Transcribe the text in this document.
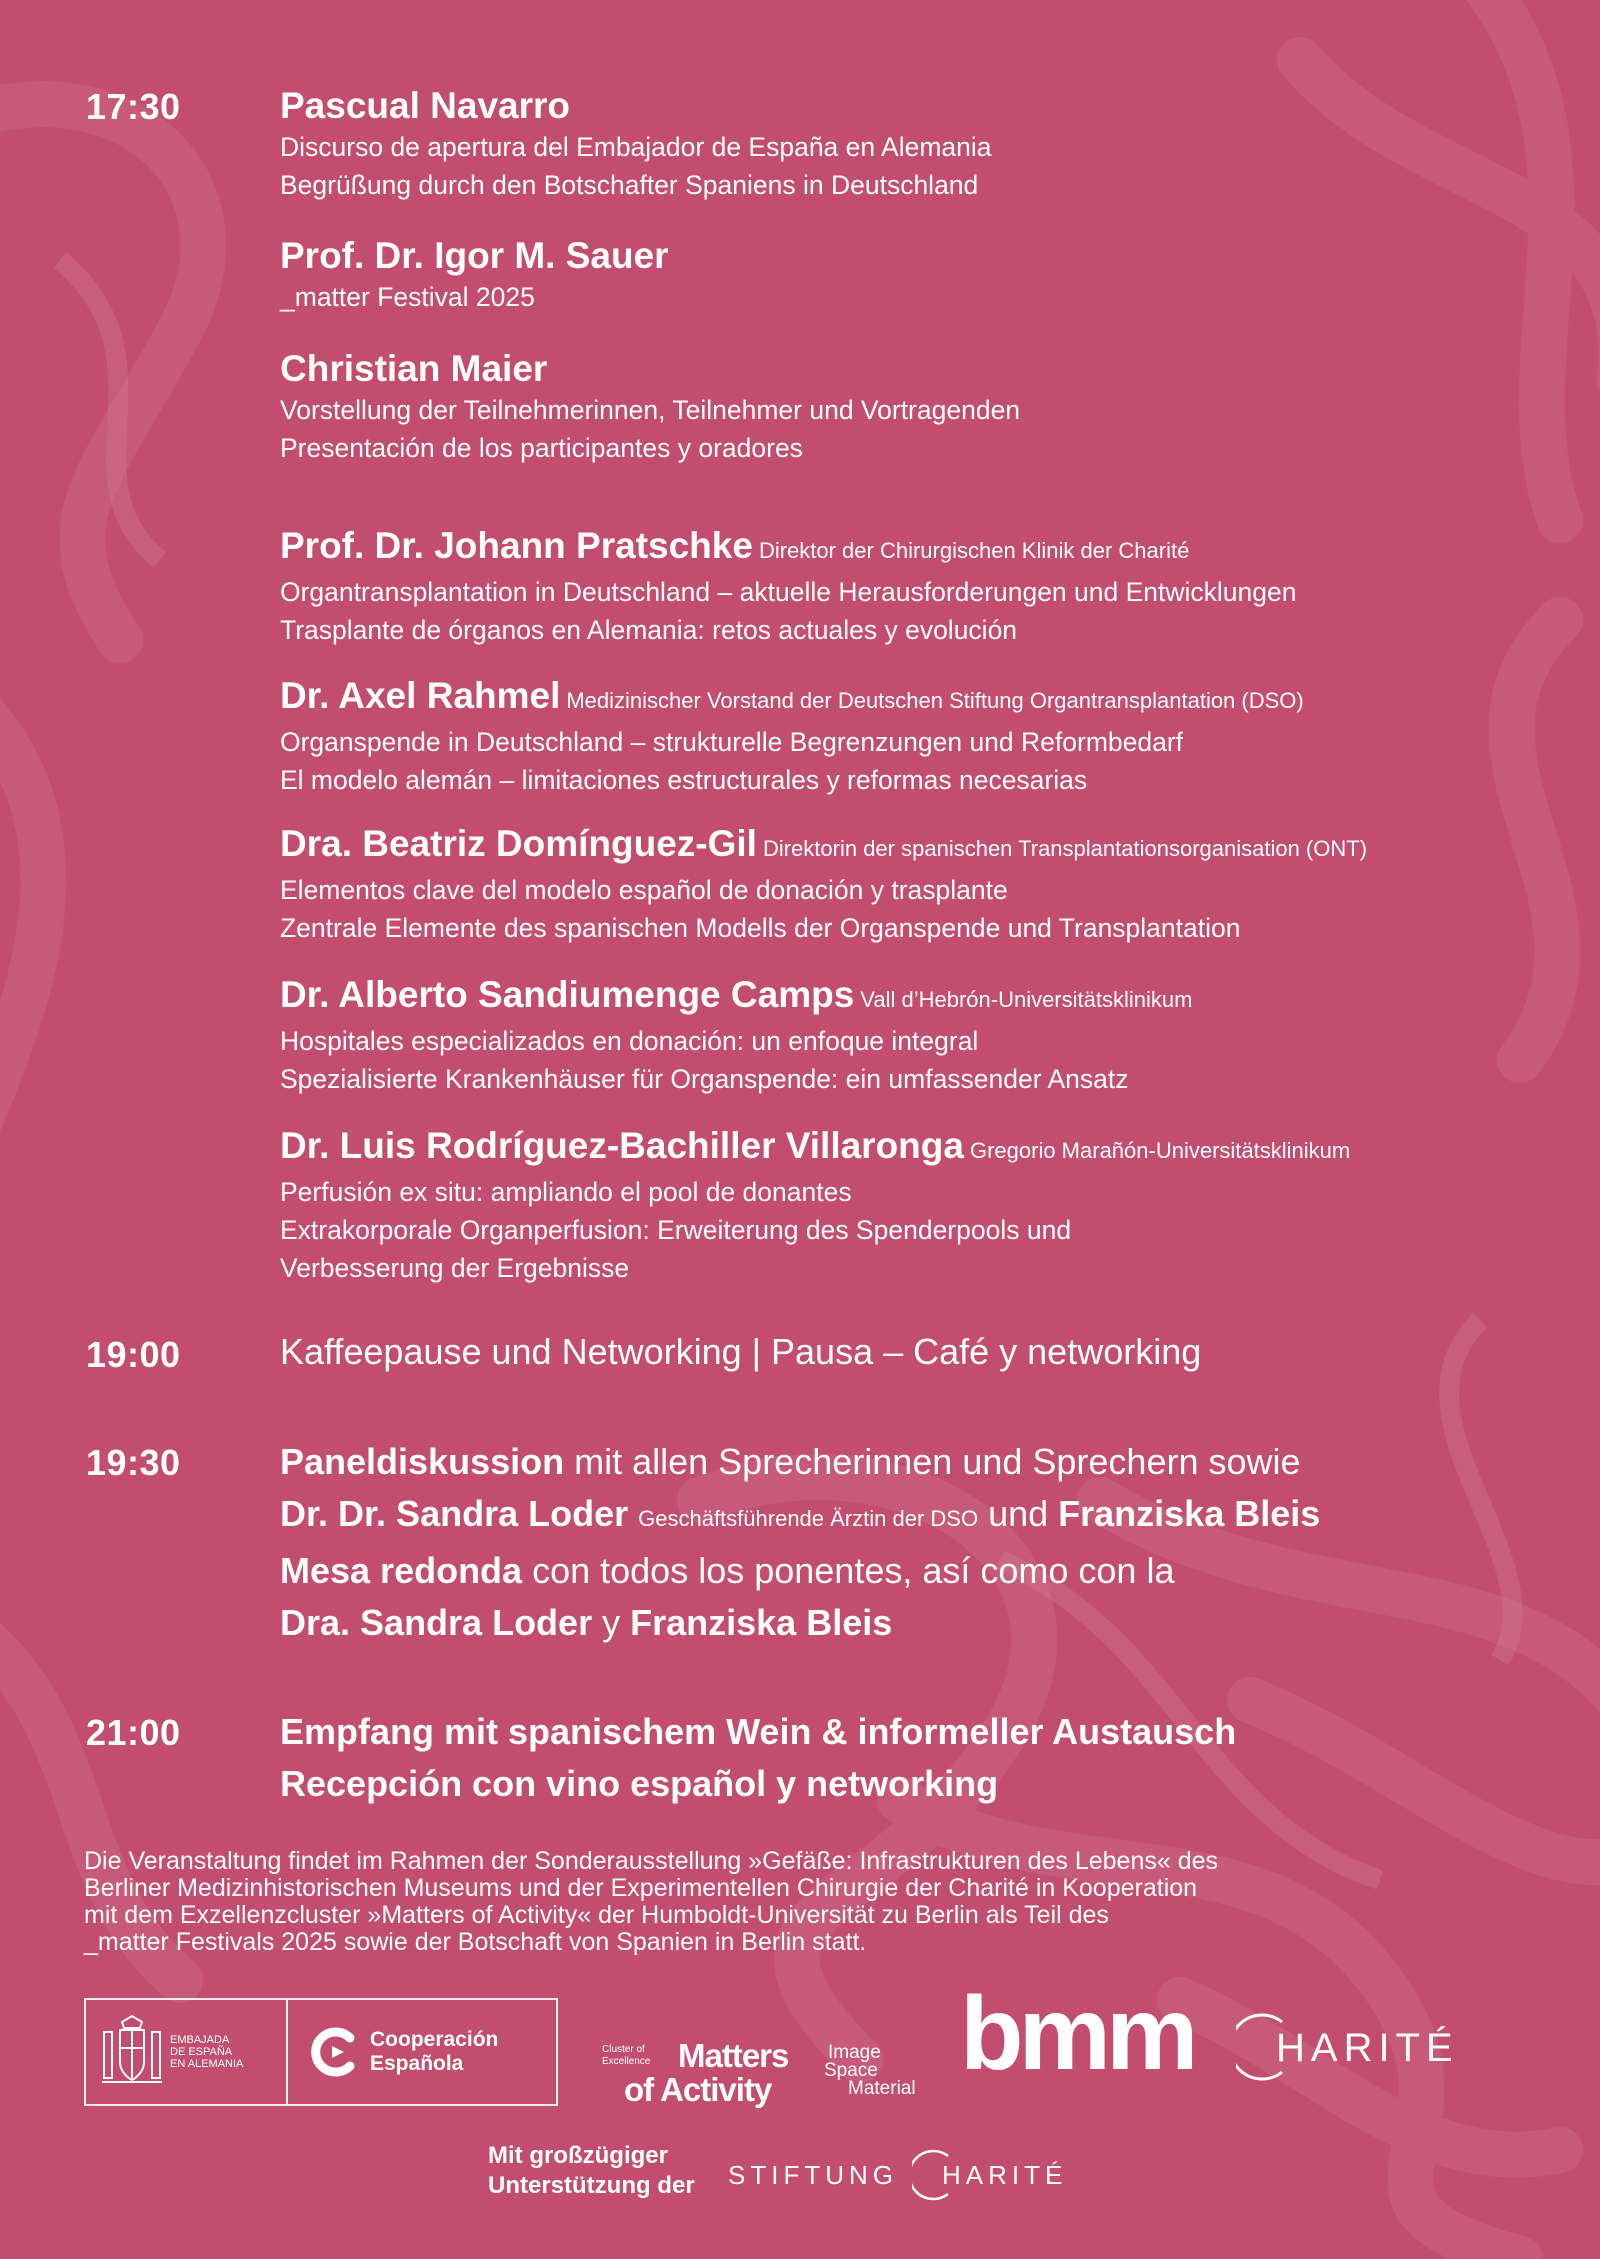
17:30	Pascual Navarro
Discurso de apertura del Embajador de España en Alemania
Begrüßung durch den Botschafter Spaniens in Deutschland
Prof. Dr. Igor M. Sauer
_matter Festival 2025
Christian Maier
Vorstellung der Teilnehmerinnen, Teilnehmer und Vortragenden
Presentación de los participantes y oradores
Prof. Dr. Johann Pratschke Direktor der Chirurgischen Klinik der Charité
Organtransplantation in Deutschland – aktuelle Herausforderungen und Entwicklungen
Trasplante de órganos en Alemania: retos actuales y evolución
Dr. Axel Rahmel Medizinischer Vorstand der Deutschen Stiftung Organtransplantation (DSO)
Organspende in Deutschland – strukturelle Begrenzungen und Reformbedarf
El modelo alemán – limitaciones estructurales y reformas necesarias
Dra. Beatriz Domínguez-Gil Direktorin der spanischen Transplantationsorganisation (ONT)
Elementos clave del modelo español de donación y trasplante
Zentrale Elemente des spanischen Modells der Organspende und Transplantation
Dr. Alberto Sandiumenge Camps Vall d’Hebrón-Universitätsklinikum
Hospitales especializados en donación: un enfoque integral
Spezialisierte Krankenhäuser für Organspende: ein umfassender Ansatz
Dr. Luis Rodríguez-Bachiller Villaronga Gregorio Marañón-Universitätsklinikum
Perfusión ex situ: ampliando el pool de donantes
Extrakorporale Organperfusion: Erweiterung des Spenderpools und
Verbesserung der Ergebnisse
19:00	Kaffeepause und Networking | Pausa – Café y networking
19:30	Paneldiskussion mit allen Sprecherinnen und Sprechern sowie
Dr. Dr. Sandra Loder Geschäftsführende Ärztin der DSO und Franziska Bleis
Mesa redonda con todos los ponentes, así como con la
Dra. Sandra Loder y Franziska Bleis
21:00	Empfang mit spanischem Wein & informeller Austausch
Recepción con vino español y networking
Die Veranstaltung findet im Rahmen der Sonderausstellung »Gefäße: Infrastrukturen des Lebens« des
Berliner Medizinhistorischen Museums und der Experimentellen Chirurgie der Charité in Kooperation
mit dem Exzellenzcluster »Matters of Activity« der Humboldt-Universität zu Berlin als Teil des
_matter Festivals 2025 sowie der Botschaft von Spanien in Berlin statt.
EMBAJADA
DE ESPAÑA
EN ALEMANIA
Cooperación
Española
Cluster of
Excellence Matters
of Activity
Image
Space
Material bmm HARITÉ
Mit großzügiger
Unterstützung der STIFTUNG HARITÉ
